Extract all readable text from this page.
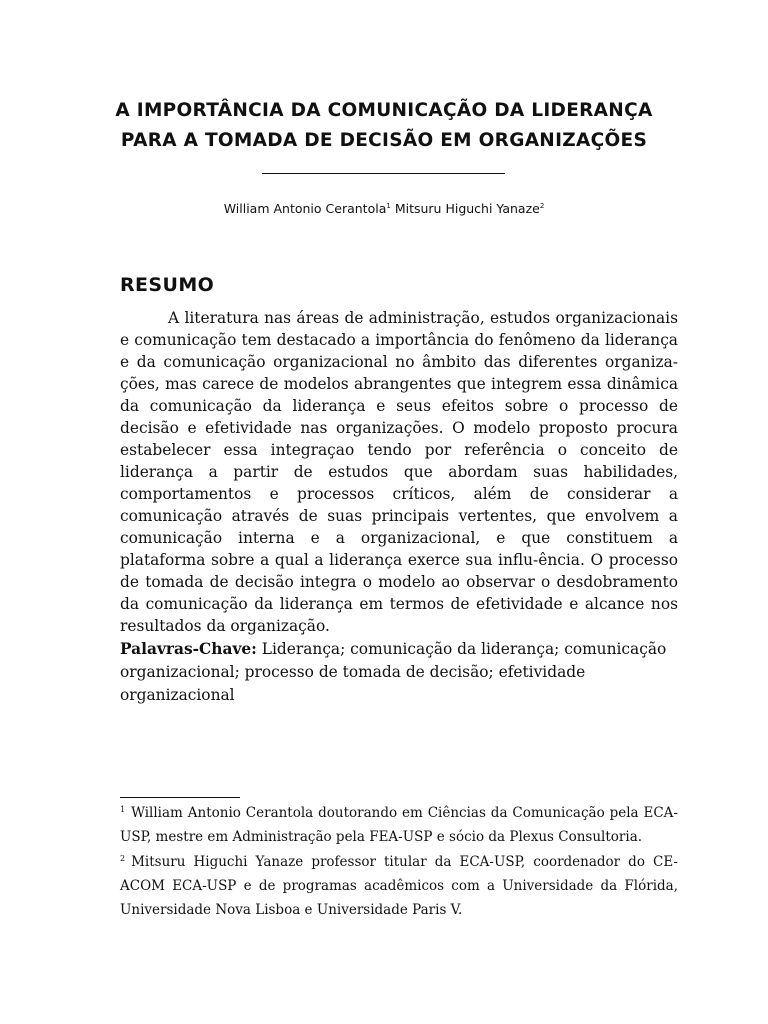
A IMPORTÂNCIA DA COMUNICAÇÃO DA LIDERANÇA
PARA A TOMADA DE DECISÃO EM ORGANIZAÇÕES
William Antonio Cerantola$^1$ Mitsuru Higuchi Yanaze$^2$
RESUMO

A literatura nas áreas de administração, estudos organizacionais e comunicação tem destacado a importância do fenômeno da liderança e da comunicação organizacional no âmbito das diferentes organiza-ções, mas carece de modelos abrangentes que integrem essa dinâmica da comunicação da liderança e seus efeitos sobre o processo de decisão e efetividade nas organizações. O modelo proposto procura estabelecer essa integraçao tendo por referência o conceito de liderança a partir de estudos que abordam suas habilidades, comportamentos e processos críticos, além de considerar a comunicação através de suas principais vertentes, que envolvem a comunicação interna e a organizacional, e que constituem a plataforma sobre a qual a liderança exerce sua influ-ência. O processo de tomada de decisão integra o modelo ao observar o desdobramento da comunicação da liderança em termos de efetividade e alcance nos resultados da organização.

Palavras-Chave: Liderança; comunicação da liderança; comunicação organizacional; processo de tomada de decisão; efetividade organizacional

$^1$ William Antonio Cerantola doutorando em Ciências da Comunicação pela ECA-USP, mestre em Administração pela FEA-USP e sócio da Plexus Consultoria.

$^2$ Mitsuru Higuchi Yanaze professor titular da ECA-USP, coordenador do CE-ACOM ECA-USP e de programas acadêmicos com a Universidade da Flórida, Universidade Nova Lisboa e Universidade Paris V.
